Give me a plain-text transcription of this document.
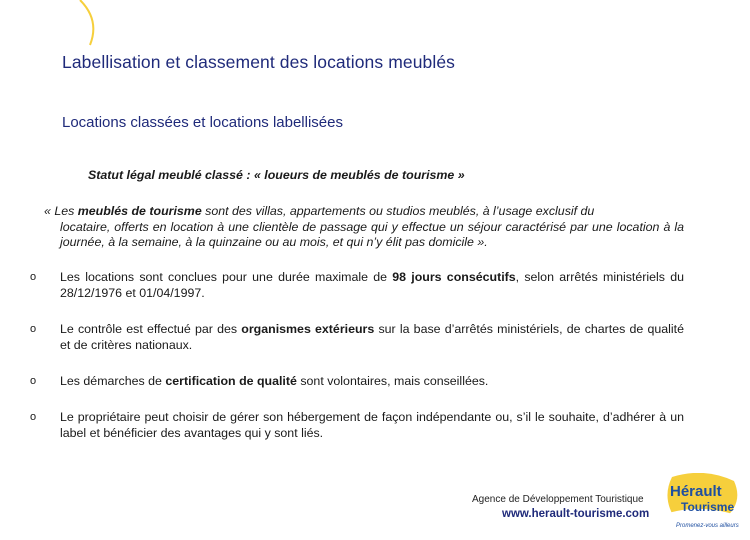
Labellisation et classement des locations meublés
Locations classées et locations labellisées
Statut légal meublé classé : « loueurs de meublés de tourisme »
« Les meublés de tourisme sont des villas, appartements ou studios meublés, à l’usage exclusif du
locataire, offerts en location à une clientèle de passage qui y effectue un séjour caractérisé par une location à la journée, à la semaine, à la quinzaine ou au mois, et qui n’y élit pas domicile ».
o Les locations sont conclues pour une durée maximale de 98 jours consécutifs, selon arrêtés ministériels du 28/12/1976 et 01/04/1997.
o Le contrôle est effectué par des organismes extérieurs sur la base d’arrêtés ministériels, de chartes de qualité et de critères nationaux.
o Les démarches de certification de qualité sont volontaires, mais conseillées.
o Le propriétaire peut choisir de gérer son hébergement de façon indépendante ou, s’il le souhaite, d’adhérer à un label et bénéficier des avantages qui y sont liés.
Agence de Développement Touristique
www.herault-tourisme.com
Hérault
Tourisme
Promenez-vous ailleurs
